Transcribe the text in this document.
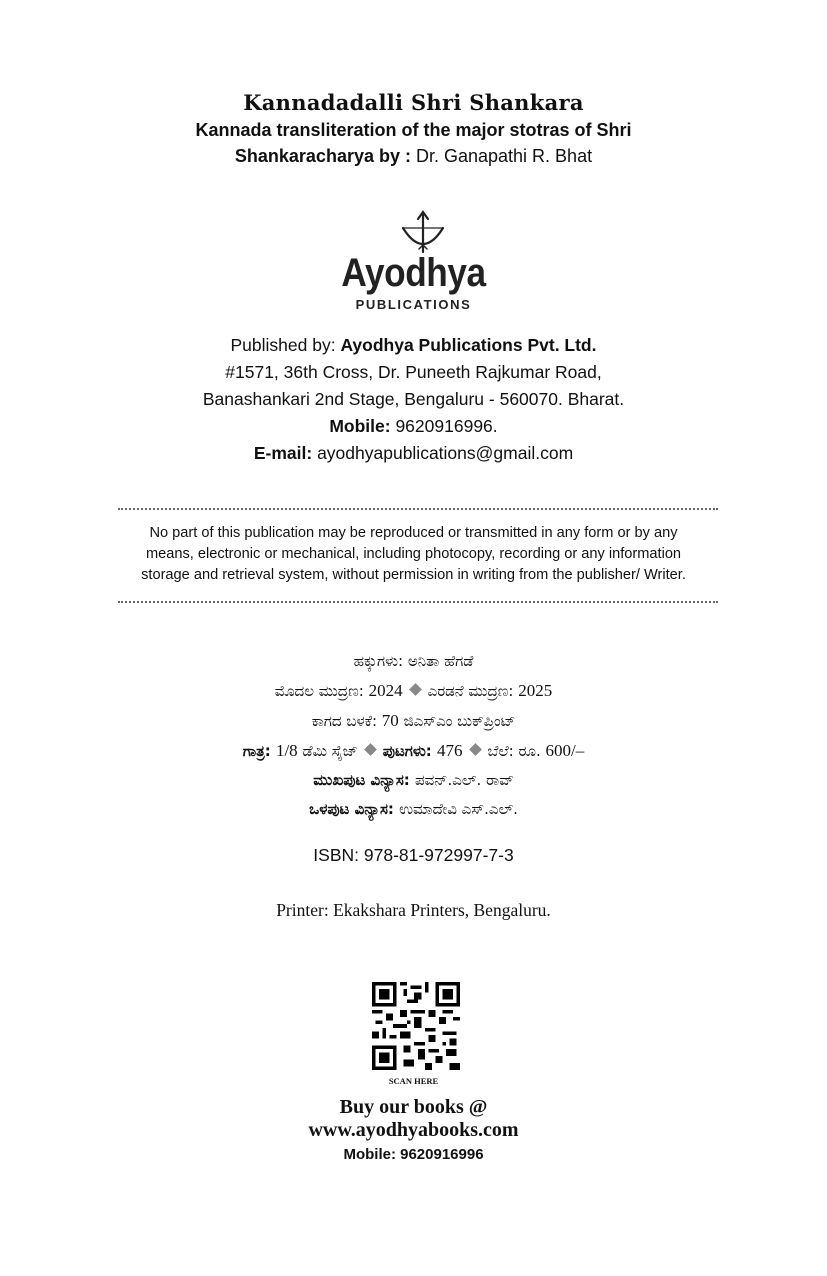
Kannadadalli Shri Shankara
Kannada transliteration of the major stotras of Shri
Shankaracharya by : Dr. Ganapathi R. Bhat
Ayodhya
PUBLICATIONS
Published by: Ayodhya Publications Pvt. Ltd.
#1571, 36th Cross, Dr. Puneeth Rajkumar Road,
Banashankari 2nd Stage, Bengaluru - 560070. Bharat.
Mobile: 9620916996.
E-mail: ayodhyapublications@gmail.com
No part of this publication may be reproduced or transmitted in any form or by any
means, electronic or mechanical, including photocopy, recording or any information
storage and retrieval system, without permission in writing from the publisher/ Writer.
ಹಕ್ಕುಗಳು: ಅನಿತಾ ಹೆಗಡೆ
ಮೊದಲ ಮುದ್ರಣ: 2024 ಎರಡನೆ ಮುದ್ರಣ: 2025
ಕಾಗದ ಬಳಕೆ: 70 ಜಿಎಸ್‌ಎಂ ಬುಕ್‌ಪ್ರಿಂಟ್
ಗಾತ್ರ: 1/8 ಡೆಮಿ ಸೈಜ್ ಪುಟಗಳು: 476 ಬೆಲೆ: ರೂ. 600/–
ಮುಖಪುಟ ವಿನ್ಯಾಸ: ಪವನ್.ಎಲ್. ರಾವ್
ಒಳಪುಟ ವಿನ್ಯಾಸ: ಉಮಾದೇವಿ ಎಸ್.ಎಲ್.
ISBN: 978-81-972997-7-3
Printer: Ekakshara Printers, Bengaluru.
SCAN HERE
Buy our books @
www.ayodhyabooks.com
Mobile: 9620916996
